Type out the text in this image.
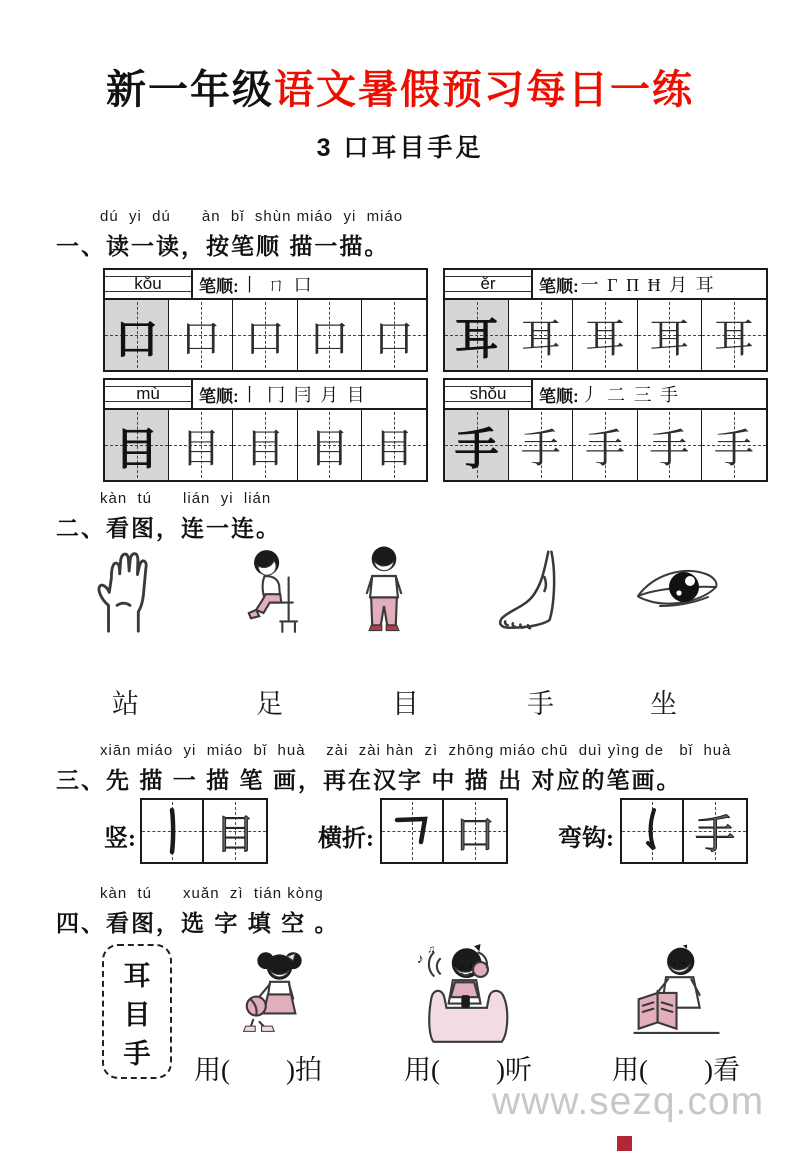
新一年级语文暑假预习每日一练
3 口耳目手足
dú  yi  dú      àn  bǐ  shùn miáo  yi  miáo
一、读一读，按笔顺 描一描。
kǒu 笔顺: 丨 ㄇ 口
口 口 口 口 口
ěr	笔顺: 一 Γ Π Ħ 月 耳
耳 耳 耳 耳 耳
mù 笔顺: 丨 冂 冃 月 目
目 目 目 目 目
shǒu 笔顺: 丿 二 三 手
手 手 手 手 手
kàn  tú      lián  yi  lián
二、看图，连一连。
站	足	目	手	坐
xiān miáo  yi  miáo  bǐ  huà    zài  zài hàn  zì  zhōng miáo chū  duì yìng de   bǐ  huà
三、先 描 一 描 笔 画，再在汉字 中 描 出 对应的笔画。
竖: 目	横折: 口	弯钩: 手
kàn  tú      xuǎn  zì  tián kòng
四、看图，选 字 填 空 。
耳
目
手
♪
♫
用( )拍	用( )听	用( )看
www.sezq.com
